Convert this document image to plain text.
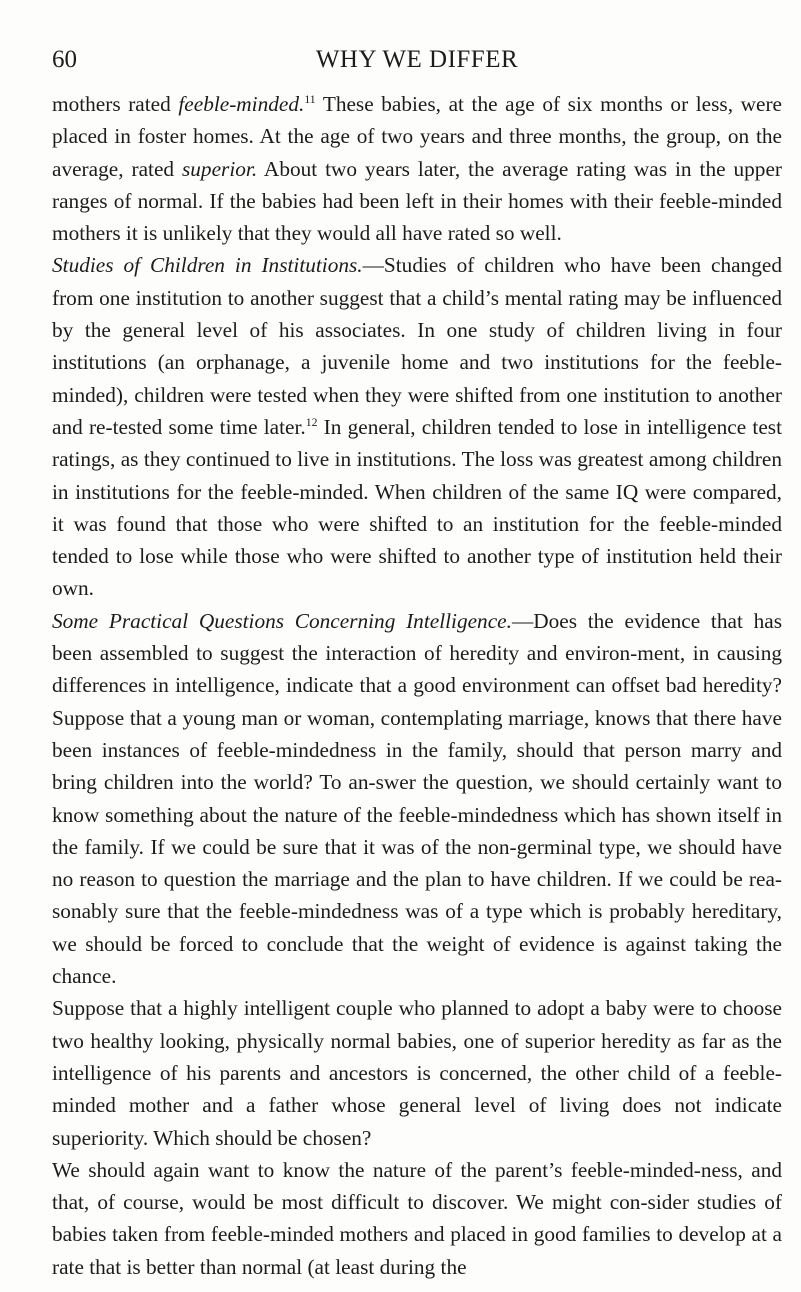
60	WHY WE DIFFER

mothers rated feeble-minded.$^{11}$ These babies, at the age of six months or less, were placed in foster homes. At the age of two years and three months, the group, on the average, rated superior. About two years later, the average rating was in the upper ranges of normal. If the babies had been left in their homes with their feeble-minded mothers it is unlikely that they would all have rated so well.

Studies of Children in Institutions.—Studies of children who have been changed from one institution to another suggest that a child’s mental rating may be influenced by the general level of his associates. In one study of children living in four institutions (an orphanage, a juvenile home and two institutions for the feeble-minded), children were tested when they were shifted from one institution to another and re-tested some time later.$^{12}$ In general, children tended to lose in intelligence test ratings, as they continued to live in institutions. The loss was greatest among children in institutions for the feeble-minded. When children of the same IQ were compared, it was found that those who were shifted to an institution for the feeble-minded tended to lose while those who were shifted to another type of institution held their own.

Some Practical Questions Concerning Intelligence.—Does the evidence that has been assembled to suggest the interaction of heredity and environ-ment, in causing differences in intelligence, indicate that a good environment can offset bad heredity? Suppose that a young man or woman, contemplating marriage, knows that there have been instances of feeble-mindedness in the family, should that person marry and bring children into the world? To an-swer the question, we should certainly want to know something about the nature of the feeble-mindedness which has shown itself in the family. If we could be sure that it was of the non-germinal type, we should have no reason to question the marriage and the plan to have children. If we could be rea-sonably sure that the feeble-mindedness was of a type which is probably hereditary, we should be forced to conclude that the weight of evidence is against taking the chance.

Suppose that a highly intelligent couple who planned to adopt a baby were to choose two healthy looking, physically normal babies, one of superior heredity as far as the intelligence of his parents and ancestors is concerned, the other child of a feeble-minded mother and a father whose general level of living does not indicate superiority. Which should be chosen?

We should again want to know the nature of the parent’s feeble-minded-ness, and that, of course, would be most difficult to discover. We might con-sider studies of babies taken from feeble-minded mothers and placed in good families to develop at a rate that is better than normal (at least during the
